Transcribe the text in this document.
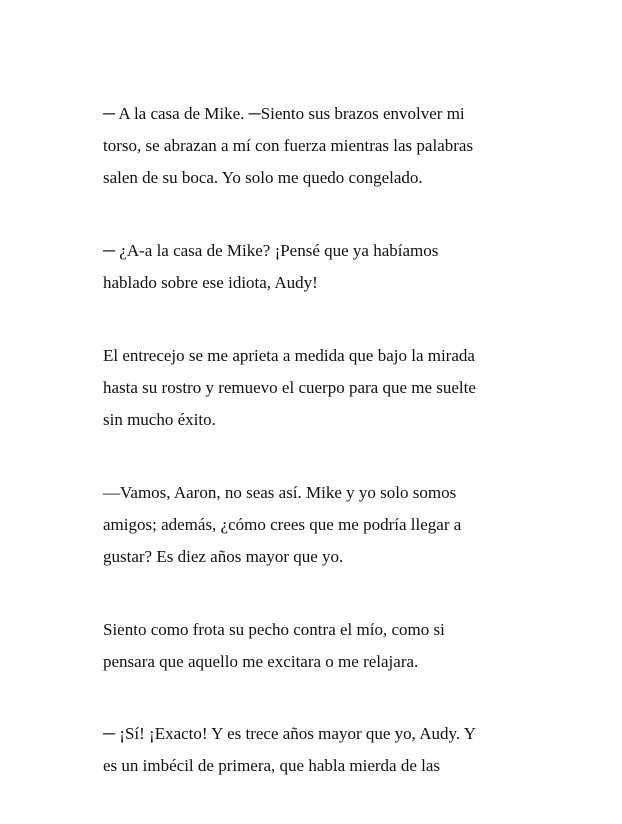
─ A la casa de Mike. ─Siento sus brazos envolver mi
torso, se abrazan a mí con fuerza mientras las palabras
salen de su boca. Yo solo me quedo congelado.
─ ¿A-a la casa de Mike? ¡Pensé que ya habíamos
hablado sobre ese idiota, Audy!
El entrecejo se me aprieta a medida que bajo la mirada
hasta su rostro y remuevo el cuerpo para que me suelte
sin mucho éxito.
—Vamos, Aaron, no seas así. Mike y yo solo somos
amigos; además, ¿cómo crees que me podría llegar a
gustar? Es diez años mayor que yo.
Siento como frota su pecho contra el mío, como si
pensara que aquello me excitara o me relajara.
─ ¡Sí! ¡Exacto! Y es trece años mayor que yo, Audy. Y
es un imbécil de primera, que habla mierda de las
